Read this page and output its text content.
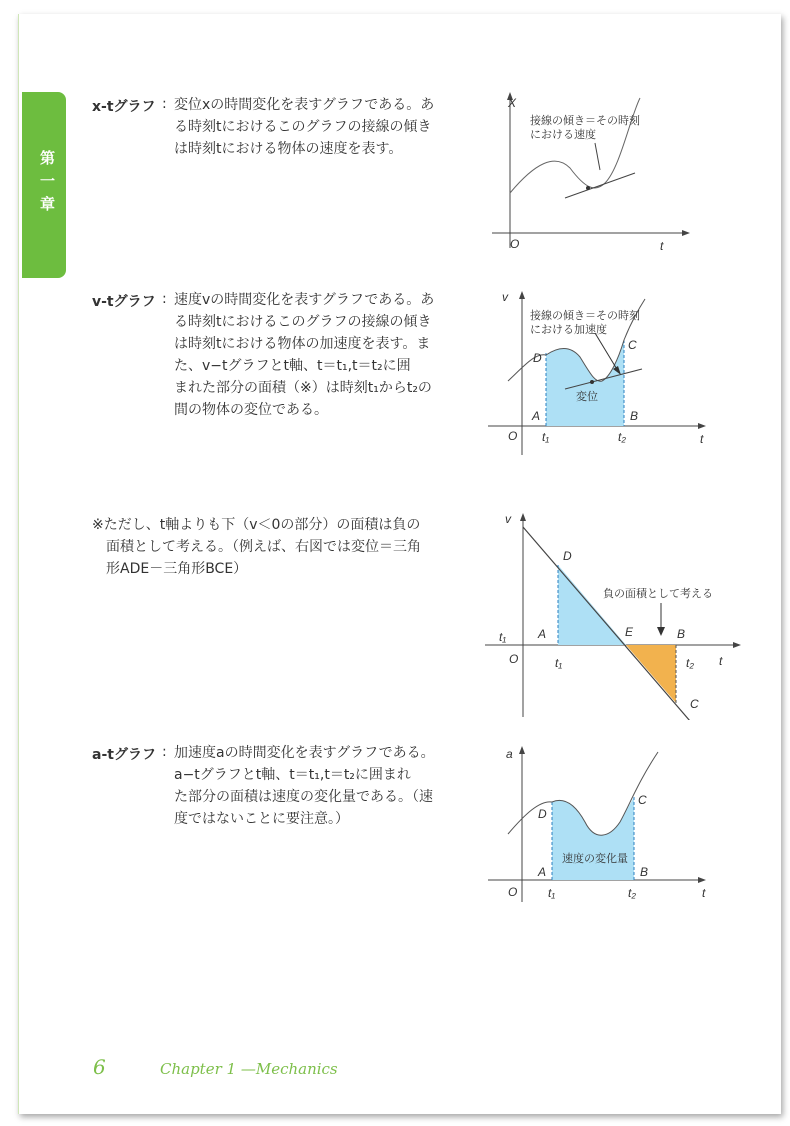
第一章
x-tグラフ : 変位xの時間変化を表すグラフである。あ
る時刻tにおけるこのグラフの接線の傾き
は時刻tにおける物体の速度を表す。
X
t
O
接線の傾き＝その時刻
における速度
v-tグラフ : 速度vの時間変化を表すグラフである。あ
る時刻tにおけるこのグラフの接線の傾き
は時刻tにおける物体の加速度を表す。ま
た、v−tグラフとt軸、t＝t₁,t＝t₂に囲
まれた部分の面積（※）は時刻t₁からt₂の
間の物体の変位である。
v
t
O
接線の傾き＝その時刻
における加速度
変位
D
C
A	B
t₁	t₂
※ただし、t軸よりも下（v＜0の部分）の面積は負の
　面積として考える。（例えば、右図では変位＝三角
　形ADE－三角形BCE）
v
t
O
t₁
D
A	E	B
C
t₁	t₂
負の面積として考える
a-tグラフ : 加速度aの時間変化を表すグラフである。
a−tグラフとt軸、t＝t₁,t＝t₂に囲まれ
た部分の面積は速度の変化量である。（速
度ではないことに要注意。）
a
t
O
速度の変化量
D
C
A	B
t₁	t₂
6	Chapter 1 —Mechanics
